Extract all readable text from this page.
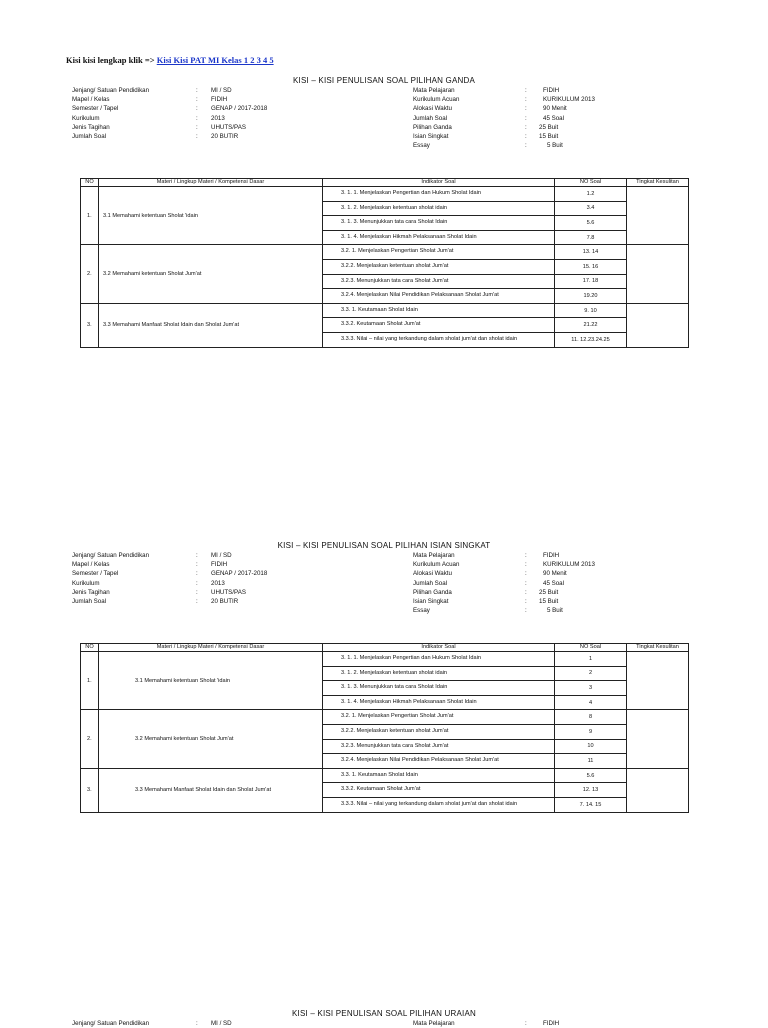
Kisi kisi lengkap klik => Kisi Kisi PAT MI Kelas 1 2 3 4 5
KISI – KISI PENULISAN SOAL PILIHAN GANDA
Jenjang/ Satuan Pendidikan	: MI / SD
Mapel / Kelas	: FIDIH
Semester / Tapel	: GENAP / 2017-2018
Kurikulum	: 2013
Jenis Tagihan	: UHUTS/PAS
Jumlah Soal	: 20 BUTIR
Mata Pelajaran	:	FIDIH
Kurikulum Acuan	:	KURIKULUM 2013
Alokasi Waktu	:	90 Menit
Jumlah Soal	:	45 Soal
Pilihan Ganda	: 25 Buit
Isian Singkat	: 15 Buit
Essay	:	5 Buit
NO	Materi / Lingkup Materi / Kompetensi Dasar	Indikator Soal	NO Soal	Tingkat Kesulitan
1.	3.1 Memahami ketentuan Sholat 'idain	3. 1. 1. Menjelaskan Pengertian dan Hukum Sholat Idain	1.2	
		3. 1. 2. Menjelaskan ketentuan sholat idain	3.4	
		3. 1. 3. Menunjukkan tata cara Sholat Idain	5.6	
		3. 1. 4. Menjelaskan Hikmah Pelaksanaan Sholat Idain	7.8	
2.	3.2 Memahami ketentuan Sholat Jum'at	3.2. 1. Menjelaskan Pengertian Sholat Jum'at	13. 14	
		3.2.2. Menjelaskan ketentuan sholat Jum'at	15. 16	
		3.2.3. Menunjukkan tata cara Sholat Jum'at	17. 18	
		3.2.4. Menjelaskan Nilai Pendidikan Pelaksanaan Sholat Jum'at	19.20	
3.	3.3 Memahami Manfaat Sholat Idain dan Sholat Jum'at	3.3. 1. Keutamaan Sholat Idain	9. 10	
		3.3.2. Keutamaan Sholat Jum'at	21.22	
		3.3.3. Nilai – nilai yang terkandung dalam sholat jum'at dan sholat idain	11. 12.23.24.25	
KISI – KISI PENULISAN SOAL PILIHAN ISIAN SINGKAT
Jenjang/ Satuan Pendidikan	: MI / SD
Mapel / Kelas	: FIDIH
Semester / Tapel	: GENAP / 2017-2018
Kurikulum	: 2013
Jenis Tagihan	: UHUTS/PAS
Jumlah Soal	: 20 BUTIR
Mata Pelajaran	:	FIDIH
Kurikulum Acuan	:	KURIKULUM 2013
Alokasi Waktu	:	90 Menit
Jumlah Soal	:	45 Soal
Pilihan Ganda	: 25 Buit
Isian Singkat	: 15 Buit
Essay	:	5 Buit
NO	Materi / Lingkup Materi / Kompetensi Dasar	Indikator Soal	NO Soal	Tingkat Kesulitan
1.	3.1 Memahami ketentuan Sholat 'idain	3. 1. 1. Menjelaskan Pengertian dan Hukum Sholat Idain	1	
		3. 1. 2. Menjelaskan ketentuan sholat idain	2	
		3. 1. 3. Menunjukkan tata cara Sholat Idain	3	
		3. 1. 4. Menjelaskan Hikmah Pelaksanaan Sholat Idain	4	
2.	3.2 Memahami ketentuan Sholat Jum'at	3.2. 1. Menjelaskan Pengertian Sholat Jum'at	8	
		3.2.2. Menjelaskan ketentuan sholat Jum'at	9	
		3.2.3. Menunjukkan tata cara Sholat Jum'at	10	
		3.2.4. Menjelaskan Nilai Pendidikan Pelaksanaan Sholat Jum'at	11	
3.	3.3 Memahami Manfaat Sholat Idain dan Sholat Jum'at	3.3. 1. Keutamaan Sholat Idain	5.6	
		3.3.2. Keutamaan Sholat Jum'at	12. 13	
		3.3.3. Nilai – nilai yang terkandung dalam sholat jum'at dan sholat idain	7. 14. 15	
KISI – KISI PENULISAN SOAL PILIHAN URAIAN
Jenjang/ Satuan Pendidikan	: MI / SD	Mata Pelajaran	:	FIDIH
